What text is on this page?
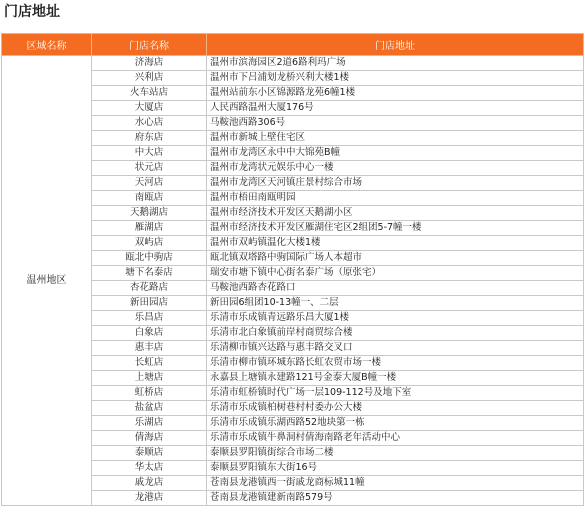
门店地址
区域名称	门店名称	门店地址
温州地区	济海店	温州市滨海园区2道6路利玛广场
	兴利店	温州市下吕浦划龙桥兴利大楼1楼
	火车站店	温州站前东小区锦源路龙苑6幢1楼
	大厦店	人民西路温州大厦176号
	水心店	马鞍池西路306号
	府东店	温州市新城上壁住宅区
	中大店	温州市龙湾区永中中大锦苑B幢
	状元店	温州市龙湾状元娱乐中心一楼
	天河店	温州市龙湾区天河镇庄景村综合市场
	南瓯店	温州市梧田南瓯明园
	天鹅湖店	温州市经济技术开发区天鹅湖小区
	雁湖店	温州市经济技术开发区雁湖住宅区2组团5-7幢一楼
	双屿店	温州市双屿镇温化大楼1楼
	瓯北中驹店	瓯北镇双塔路中驹国际广场人本超市
	塘下名泰店	瑞安市塘下镇中心街名泰广场（原张宅）
	杏花路店	马鞍池西路杏花路口
	新田园店	新田园6组团10-13幢一、二层
	乐昌店	乐清市乐成镇青远路乐昌大厦1楼
	白象店	乐清市北白象镇前岸村商贸综合楼
	惠丰店	乐清柳市镇兴达路与惠丰路交叉口
	长虹店	乐清市柳市镇环城东路长虹农贸市场一楼
	上塘店	永嘉县上塘镇永建路121号金泰大厦B幢一楼
	虹桥店	乐清市虹桥镇时代广场一层109-112号及地下室
	盐盆店	乐清市乐成镇柏树巷村村委办公大楼
	乐湖店	乐清市乐成镇乐湖西路52地块第一栋
	倩海店	乐清市乐成镇牛鼻洞村倩海南路老年活动中心
	泰顺店	泰顺县罗阳镇街综合市场二楼
	华太店	泰顺县罗阳镇东大街16号
	戚龙店	苍南县龙港镇西一街戚龙商标城11幢
	龙港店	苍南县龙港镇建新南路579号
